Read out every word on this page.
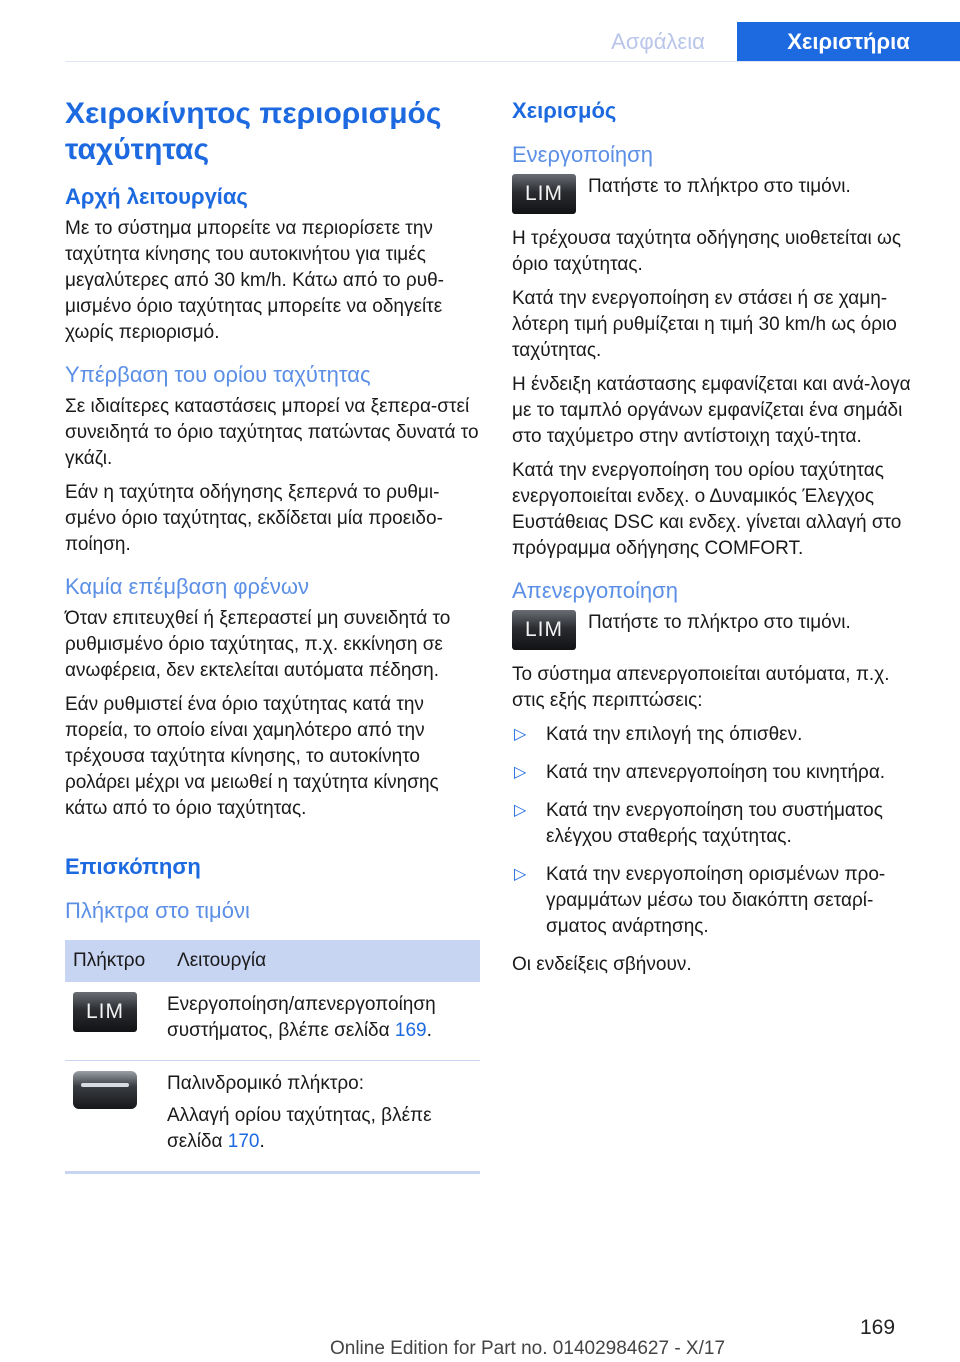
Ασφάλεια	Χειριστήρια
Χειροκίνητος περιορισμός ταχύτητας
Αρχή λειτουργίας

Με το σύστημα μπορείτε να περιορίσετε την ταχύτητα κίνησης του αυτοκινήτου για τιμές μεγαλύτερες από 30 km/h. Κάτω από το ρυθ‐μισμένο όριο ταχύτητας μπορείτε να οδηγείτε χωρίς περιορισμό.

Υπέρβαση του ορίου ταχύτητας

Σε ιδιαίτερες καταστάσεις μπορεί να ξεπερα‐στεί συνειδητά το όριο ταχύτητας πατώντας δυνατά το γκάζι.

Εάν η ταχύτητα οδήγησης ξεπερνά το ρυθμι‐σμένο όριο ταχύτητας, εκδίδεται μία προειδο‐ποίηση.

Καμία επέμβαση φρένων

Όταν επιτευχθεί ή ξεπεραστεί μη συνειδητά το ρυθμισμένο όριο ταχύτητας, π.χ. εκκίνηση σε ανωφέρεια, δεν εκτελείται αυτόματα πέδηση.

Εάν ρυθμιστεί ένα όριο ταχύτητας κατά την πορεία, το οποίο είναι χαμηλότερο από την τρέχουσα ταχύτητα κίνησης, το αυτοκίνητο ρολάρει μέχρι να μειωθεί η ταχύτητα κίνησης κάτω από το όριο ταχύτητας.

Επισκόπηση
Πλήκτρα στο τιμόνι
Πλήκτρο	Λειτουργία

LIM	Ενεργοποίηση/απενεργοποίηση συστήματος, βλέπε σελίδα 169.

	Παλινδρομικό πλήκτρο:

Αλλαγή ορίου ταχύτητας, βλέπε σελίδα 170.

Χειρισμός
Ενεργοποίηση
LIM	Πατήστε το πλήκτρο στο τιμόνι.

Η τρέχουσα ταχύτητα οδήγησης υιοθετείται ως όριο ταχύτητας.

Κατά την ενεργοποίηση εν στάσει ή σε χαμη‐λότερη τιμή ρυθμίζεται η τιμή 30 km/h ως όριο ταχύτητας.

Η ένδειξη κατάστασης εμφανίζεται και ανά‐λογα με το ταμπλό οργάνων εμφανίζεται ένα σημάδι στο ταχύμετρο στην αντίστοιχη ταχύ‐τητα.

Κατά την ενεργοποίηση του ορίου ταχύτητας ενεργοποιείται ενδεχ. ο Δυναμικός Έλεγχος Ευστάθειας DSC και ενδεχ. γίνεται αλλαγή στο πρόγραμμα οδήγησης COMFORT.

Απενεργοποίηση
LIM	Πατήστε το πλήκτρο στο τιμόνι.

Το σύστημα απενεργοποιείται αυτόματα, π.χ. στις εξής περιπτώσεις:

▷ Κατά την επιλογή της όπισθεν.
▷ Κατά την απενεργοποίηση του κινητήρα.
▷ Κατά την ενεργοποίηση του συστήματος ελέγχου σταθερής ταχύτητας.
▷ Κατά την ενεργοποίηση ορισμένων προ‐γραμμάτων μέσω του διακόπτη σεταρί‐σματος ανάρτησης.

Οι ενδείξεις σβήνουν.

169
Online Edition for Part no. 01402984627 - X/17
